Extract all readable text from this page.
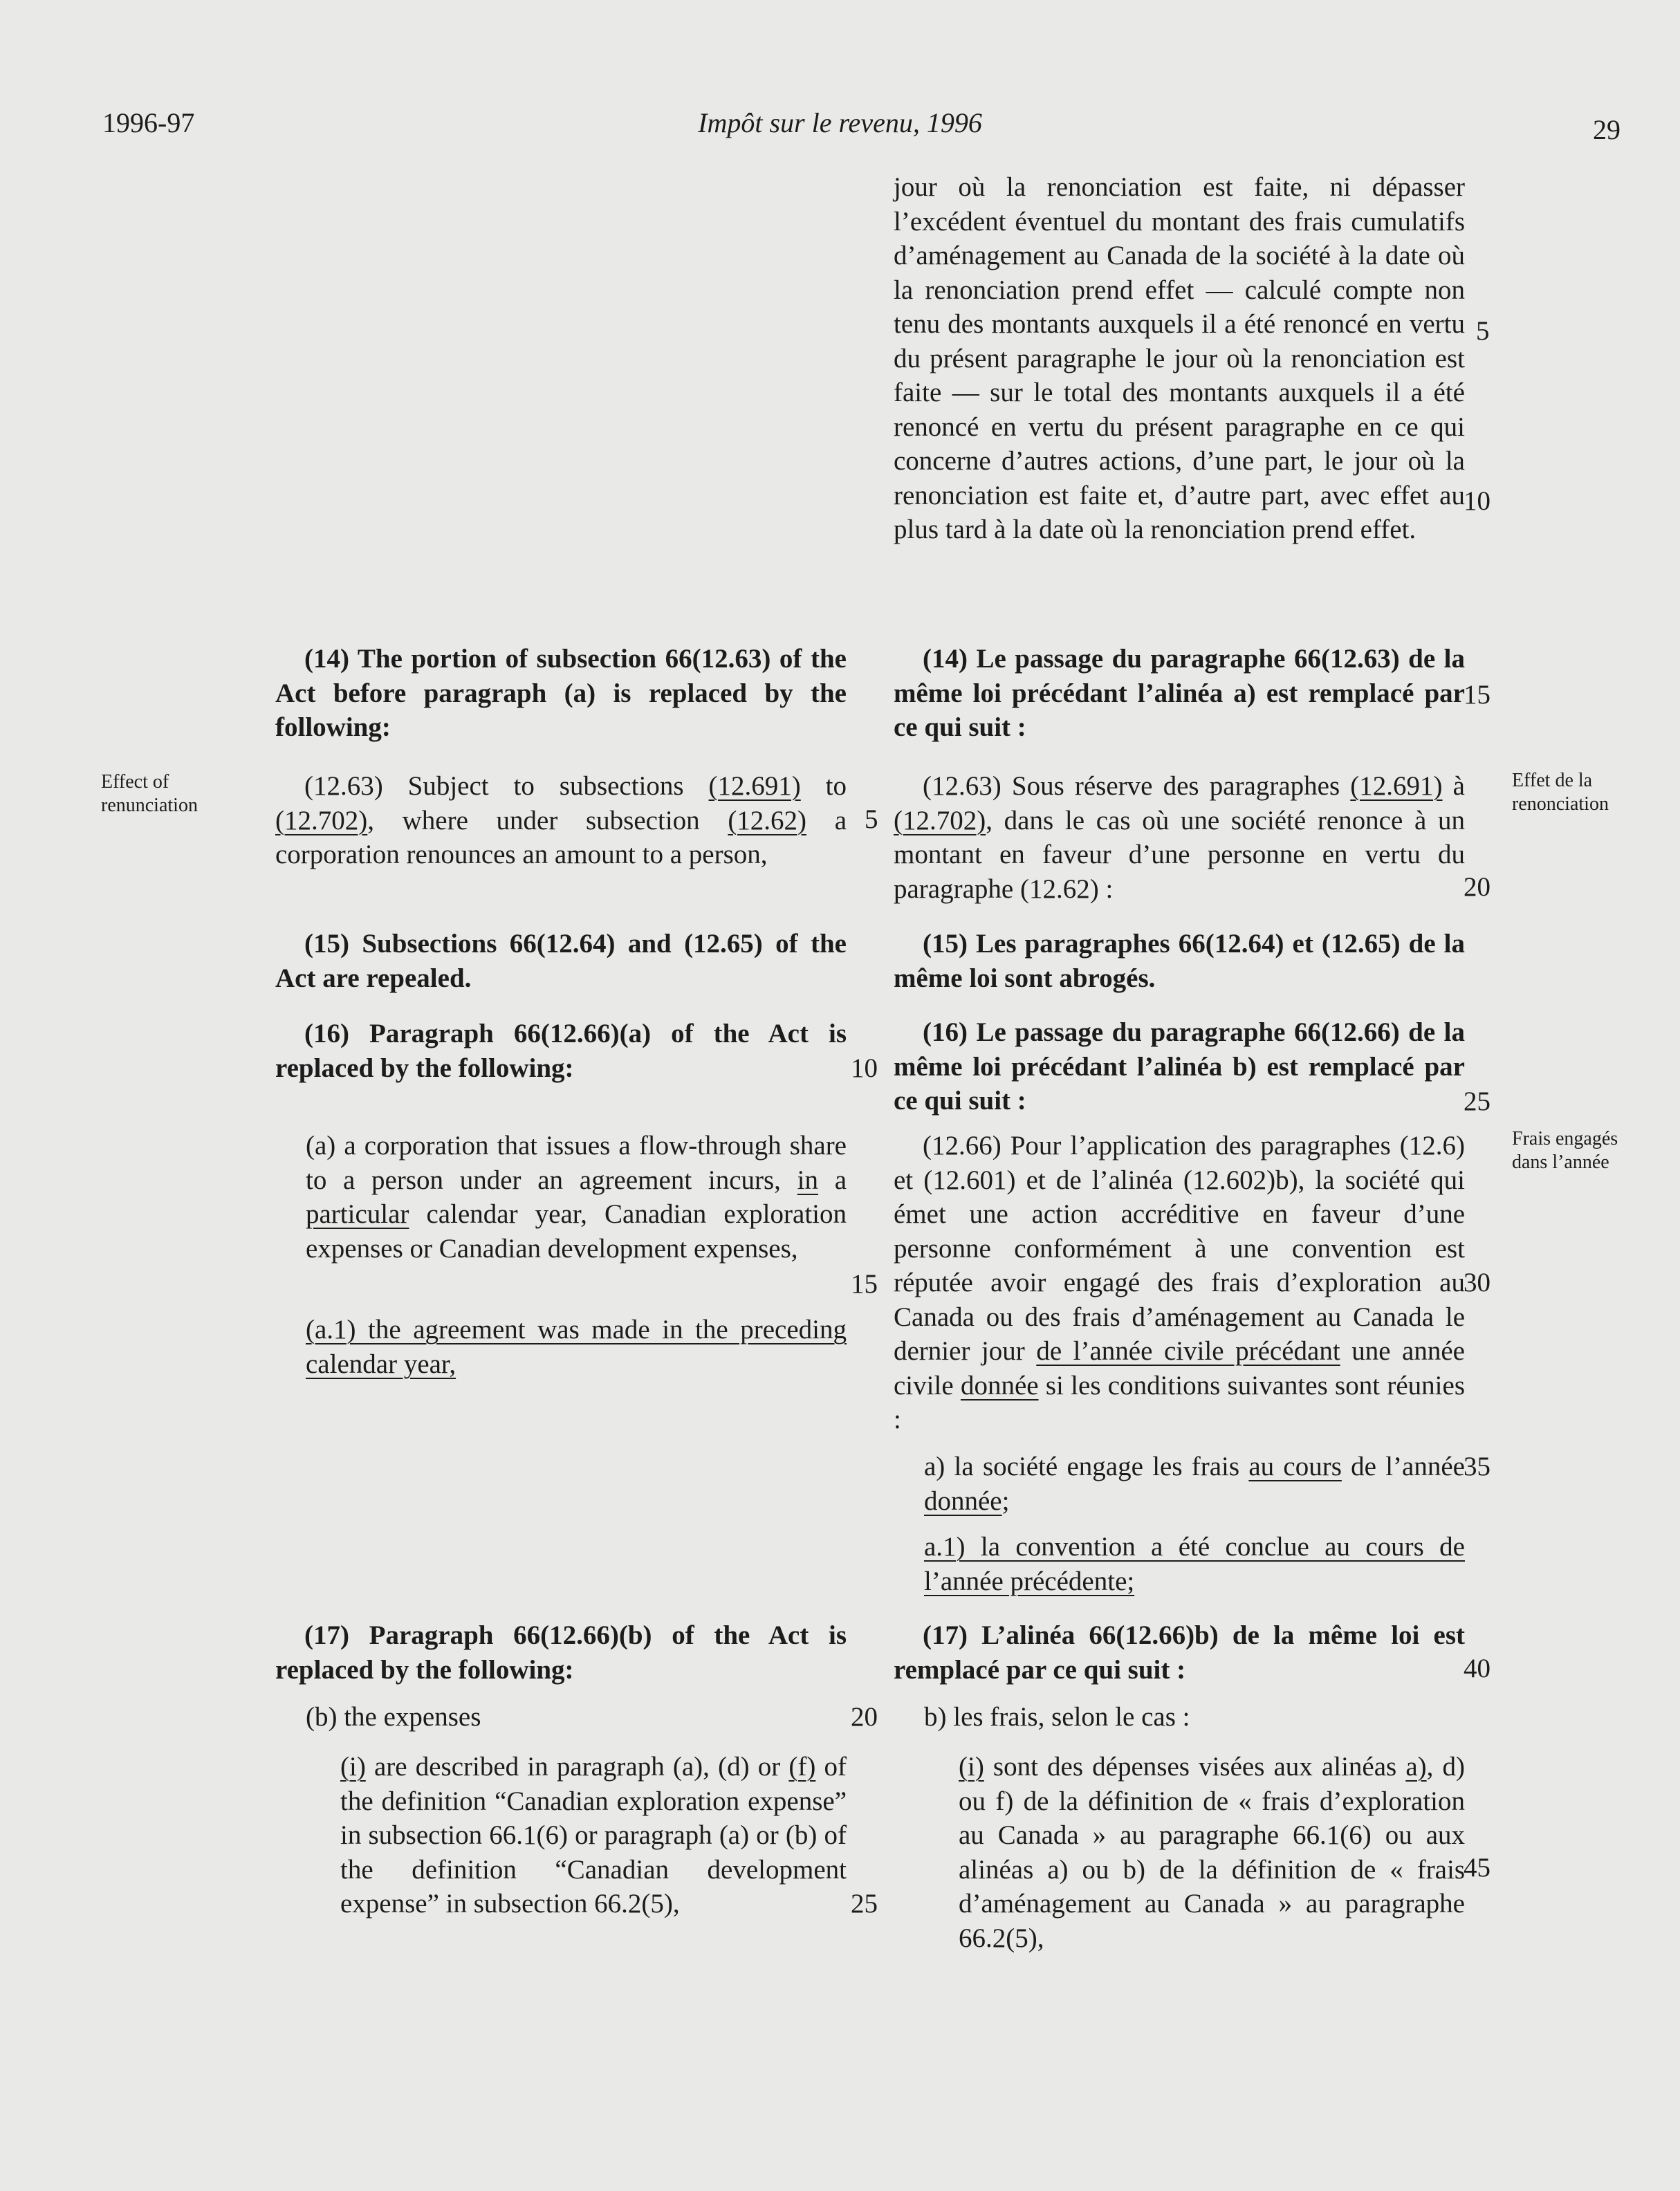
1996-97	Impôt sur le revenu, 1996	29
Effect of
renunciation
Effet de la
renonciation
Frais engagés
dans l’année
(14) The portion of subsection 66(12.63) of the Act before paragraph (a) is replaced by the following:
(12.63) Subject to subsections (12.691) to (12.702), where under subsection (12.62) a corporation renounces an amount to a person,
(15) Subsections 66(12.64) and (12.65) of the Act are repealed.
(16) Paragraph 66(12.66)(a) of the Act is replaced by the following:
(a) a corporation that issues a flow-through share to a person under an agreement incurs, in a particular calendar year, Canadian exploration expenses or Canadian development expenses,
(a.1) the agreement was made in the preceding calendar year,
(17) Paragraph 66(12.66)(b) of the Act is replaced by the following:
(b) the expenses
(i) are described in paragraph (a), (d) or (f) of the definition “Canadian exploration expense” in subsection 66.1(6) or paragraph (a) or (b) of the definition “Canadian development expense” in subsection 66.2(5),
5
10
15
20
25
jour où la renonciation est faite, ni dépasser l’excédent éventuel du montant des frais cumulatifs d’aménagement au Canada de la société à la date où la renonciation prend effet — calculé compte non tenu des montants auxquels il a été renoncé en vertu du présent paragraphe le jour où la renonciation est faite — sur le total des montants auxquels il a été renoncé en vertu du présent paragraphe en ce qui concerne d’autres actions, d’une part, le jour où la renonciation est faite et, d’autre part, avec effet au plus tard à la date où la renonciation prend effet.
(14) Le passage du paragraphe 66(12.63) de la même loi précédant l’alinéa a) est remplacé par ce qui suit :
(12.63) Sous réserve des paragraphes (12.691) à (12.702), dans le cas où une société renonce à un montant en faveur d’une personne en vertu du paragraphe (12.62) :
(15) Les paragraphes 66(12.64) et (12.65) de la même loi sont abrogés.
(16) Le passage du paragraphe 66(12.66) de la même loi précédant l’alinéa b) est remplacé par ce qui suit :
(12.66) Pour l’application des paragraphes (12.6) et (12.601) et de l’alinéa (12.602)b), la société qui émet une action accréditive en faveur d’une personne conformément à une convention est réputée avoir engagé des frais d’exploration au Canada ou des frais d’aménagement au Canada le dernier jour de l’année civile précédant une année civile donnée si les conditions suivantes sont réunies :
a) la société engage les frais au cours de l’année donnée;
a.1) la convention a été conclue au cours de l’année précédente;
(17) L’alinéa 66(12.66)b) de la même loi est remplacé par ce qui suit :
b) les frais, selon le cas :
(i) sont des dépenses visées aux alinéas a), d) ou f) de la définition de « frais d’exploration au Canada » au paragraphe 66.1(6) ou aux alinéas a) ou b) de la définition de « frais d’aménagement au Canada » au paragraphe 66.2(5),
5
10
15
20
25
30
35
40
45
